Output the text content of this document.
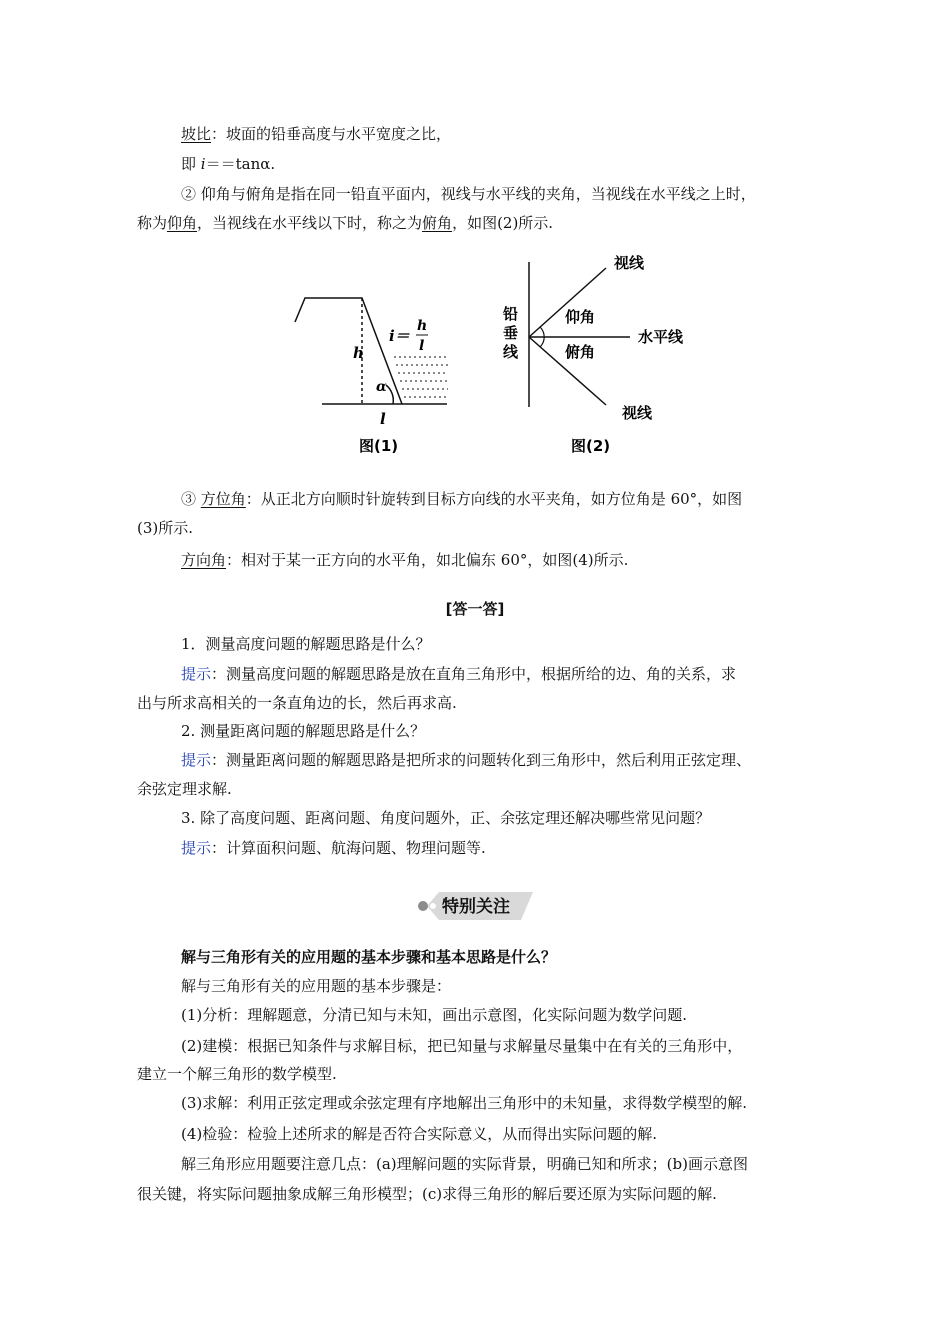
坡比：坡面的铅垂高度与水平宽度之比，
即 i＝＝tanα.
② 仰角与俯角是指在同一铅直平面内，视线与水平线的夹角，当视线在水平线之上时，
称为仰角，当视线在水平线以下时，称之为俯角，如图(2)所示.
h
α
l
i＝
h
l
图(1)
铅
垂
线
视线
仰角
水平线
俯角
视线
图(2)
③ 方位角：从正北方向顺时针旋转到目标方向线的水平夹角，如方位角是 60°，如图
(3)所示.
方向角：相对于某一正方向的水平角，如北偏东 60°，如图(4)所示.
[答一答]
1．测量高度问题的解题思路是什么？
提示：测量高度问题的解题思路是放在直角三角形中，根据所给的边、角的关系，求
出与所求高相关的一条直角边的长，然后再求高.
2. 测量距离问题的解题思路是什么？
提示：测量距离问题的解题思路是把所求的问题转化到三角形中，然后利用正弦定理、
余弦定理求解.
3. 除了高度问题、距离问题、角度问题外，正、余弦定理还解决哪些常见问题？
提示：计算面积问题、航海问题、物理问题等.
特别关注
解与三角形有关的应用题的基本步骤和基本思路是什么？
解与三角形有关的应用题的基本步骤是：
(1)分析：理解题意，分清已知与未知，画出示意图，化实际问题为数学问题.
(2)建模：根据已知条件与求解目标，把已知量与求解量尽量集中在有关的三角形中，
建立一个解三角形的数学模型.
(3)求解：利用正弦定理或余弦定理有序地解出三角形中的未知量，求得数学模型的解.
(4)检验：检验上述所求的解是否符合实际意义，从而得出实际问题的解.
解三角形应用题要注意几点：(a)理解问题的实际背景，明确已知和所求；(b)画示意图
很关键，将实际问题抽象成解三角形模型；(c)求得三角形的解后要还原为实际问题的解.
